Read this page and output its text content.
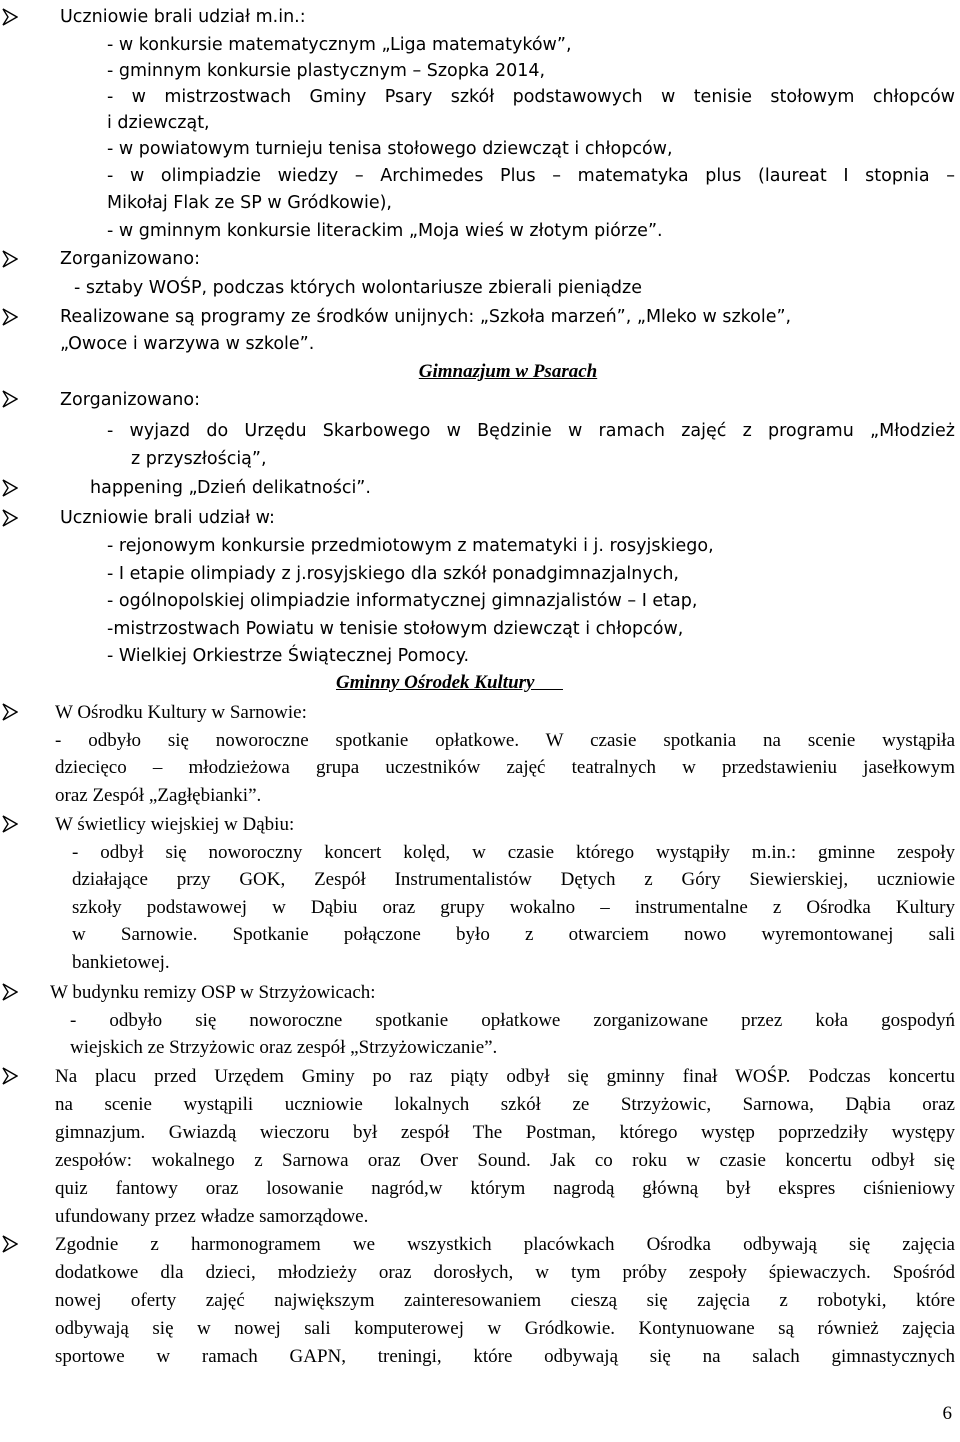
Uczniowie brali udział m.in.:
- w konkursie matematycznym „Liga matematyków”,
- gminnym konkursie plastycznym – Szopka 2014,
- w mistrzostwach Gminy Psary szkół podstawowych w tenisie stołowym chłopców
i dziewcząt,
- w powiatowym turnieju tenisa stołowego dziewcząt i chłopców,
- w olimpiadzie wiedzy – Archimedes Plus – matematyka plus (laureat I stopnia –
Mikołaj Flak ze SP w Gródkowie),
- w gminnym konkursie literackim „Moja wieś w złotym piórze”.
Zorganizowano:
- sztaby WOŚP, podczas których wolontariusze zbierali pieniądze
Realizowane są programy ze środków unijnych: „Szkoła marzeń”, „Mleko w szkole”,
„Owoce i warzywa w szkole”.
Gimnazjum w Psarach
Zorganizowano:
- wyjazd do Urzędu Skarbowego w Będzinie w ramach zajęć z programu „Młodzież
z przyszłością”,
happening „Dzień delikatności”.
Uczniowie brali udział w:
- rejonowym konkursie przedmiotowym z matematyki i j. rosyjskiego,
- I etapie olimpiady z j.rosyjskiego dla szkół ponadgimnazjalnych,
- ogólnopolskiej olimpiadzie informatycznej gimnazjalistów – I etap,
-mistrzostwach Powiatu w tenisie stołowym dziewcząt i chłopców,
- Wielkiej Orkiestrze Świątecznej Pomocy.
Gminny Ośrodek Kultury
W Ośrodku Kultury w Sarnowie:
- odbyło się noworoczne spotkanie opłatkowe. W czasie spotkania na scenie wystąpiła
dziecięco – młodzieżowa grupa uczestników zajęć teatralnych w przedstawieniu jasełkowym
oraz Zespół „Zagłębianki”.
W świetlicy wiejskiej w Dąbiu:
- odbył się noworoczny koncert kolęd, w czasie którego wystąpiły m.in.: gminne zespoły
działające przy GOK, Zespół Instrumentalistów Dętych z Góry Siewierskiej, uczniowie
szkoły podstawowej w Dąbiu oraz grupy wokalno – instrumentalne z Ośrodka Kultury
w Sarnowie. Spotkanie połączone było z otwarciem nowo wyremontowanej sali
bankietowej.
W budynku remizy OSP w Strzyżowicach:
- odbyło się noworoczne spotkanie opłatkowe zorganizowane przez koła gospodyń
wiejskich ze Strzyżowic oraz zespół „Strzyżowiczanie”.
Na placu przed Urzędem Gminy po raz piąty odbył się gminny finał WOŚP. Podczas koncertu
na scenie wystąpili uczniowie lokalnych szkół ze Strzyżowic, Sarnowa, Dąbia oraz
gimnazjum. Gwiazdą wieczoru był zespół The Postman, którego występ poprzedziły występy
zespołów: wokalnego z Sarnowa oraz Over Sound. Jak co roku w czasie koncertu odbył się
quiz fantowy oraz losowanie nagród,w którym nagrodą główną był ekspres ciśnieniowy
ufundowany przez władze samorządowe.
Zgodnie z harmonogramem we wszystkich placówkach Ośrodka odbywają się zajęcia
dodatkowe dla dzieci, młodzieży oraz dorosłych, w tym próby zespoły śpiewaczych. Spośród
nowej oferty zajęć największym zainteresowaniem cieszą się zajęcia z robotyki, które
odbywają się w nowej sali komputerowej w Gródkowie. Kontynuowane są również zajęcia
sportowe w ramach GAPN, treningi, które odbywają się na salach gimnastycznych
6
